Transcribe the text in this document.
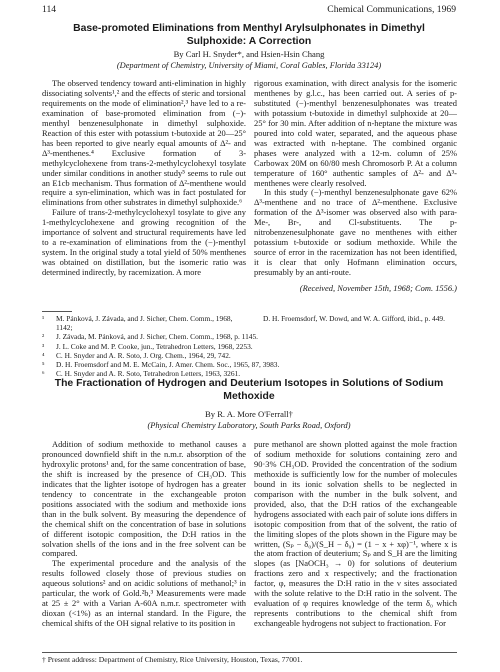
114	Chemical Communications, 1969
Base-promoted Eliminations from Menthyl Arylsulphonates in Dimethyl Sulphoxide: A Correction
By Carl H. Snyder*, and Hsien-Hsin Chang
(Department of Chemistry, University of Miami, Coral Gables, Florida 33124)

The observed tendency toward anti-elimination in highly dissociating solvents¹,² and the effects of steric and torsional requirements on the mode of elimination²,³ have led to a re-examination of base-promoted elimination from (−)-menthyl benzenesulphonate in dimethyl sulphoxide. Reaction of this ester with potassium t-butoxide at 20—25° has been reported to give nearly equal amounts of Δ²- and Δ³-menthenes.⁴ Exclusive formation of 3-methylcyclohexene from trans-2-methylcyclohexyl tosylate under similar conditions in another study⁵ seems to rule out an E1cb mechanism. Thus formation of Δ²-menthene would require a syn-elimination, which was in fact postulated for eliminations from other substrates in dimethyl sulphoxide.⁶

Failure of trans-2-methylcyclohexyl tosylate to give any 1-methylcyclohexene and growing recognition of the importance of solvent and structural requirements have led to a re-examination of eliminations from the (−)-menthyl system. In the original study a total yield of 50% menthenes was obtained on distillation, but the isomeric ratio was determined indirectly, by racemization. A more

rigorous examination, with direct analysis for the isomeric menthenes by g.l.c., has been carried out. A series of p-substituted (−)-menthyl benzenesulphonates was treated with potassium t-butoxide in dimethyl sulphoxide at 20—25° for 30 min. After addition of n-heptane the mixture was poured into cold water, separated, and the aqueous phase was extracted with n-heptane. The combined organic phases were analyzed with a 12-m. column of 25% Carbowax 20M on 60/80 mesh Chromosorb P. At a column temperature of 160° authentic samples of Δ²- and Δ³-menthenes were clearly resolved.

In this study (−)-menthyl benzenesulphonate gave 62% Δ³-menthene and no trace of Δ²-menthene. Exclusive formation of the Δ³-isomer was observed also with para-Me-, Br-, and Cl-substituents. The p-nitrobenzenesulphonate gave no menthenes with either potassium t-butoxide or sodium methoxide. While the source of error in the racemization has not been identified, it is clear that only Hofmann elimination occurs, presumably by an anti-route.

(Received, November 15th, 1968; Com. 1556.)

¹	M. Pánková, J. Závada, and J. Sicher, Chem. Comm., 1968, 1142;
D. H. Froemsdorf, W. Dowd, and W. A. Gifford, ibid., p. 449.
²	J. Závada, M. Pánková, and J. Sicher, Chem. Comm., 1968, p. 1145.
³	J. L. Coke and M. P. Cooke, jun., Tetrahedron Letters, 1968, 2253.
⁴	C. H. Snyder and A. R. Soto, J. Org. Chem., 1964, 29, 742.
⁵	D. H. Froemsdorf and M. E. McCain, J. Amer. Chem. Soc., 1965, 87, 3983.
⁶	C. H. Snyder and A. R. Soto, Tetrahedron Letters, 1963, 3261.
The Fractionation of Hydrogen and Deuterium Isotopes in Solutions of Sodium Methoxide
By R. A. More O'Ferrall†
(Physical Chemistry Laboratory, South Parks Road, Oxford)

Addition of sodium methoxide to methanol causes a pronounced downfield shift in the n.m.r. absorption of the hydroxylic protons¹ and, for the same concentration of base, the shift is increased by the presence of CH₃OD. This indicates that the lighter isotope of hydrogen has a greater tendency to concentrate in the exchangeable proton positions associated with the sodium and methoxide ions than in the bulk solvent. By measuring the dependence of the chemical shift on the concentration of base in solutions of different isotopic composition, the D:H ratios in the solvation shells of the ions and in the free solvent can be compared.

The experimental procedure and the analysis of the results followed closely those of previous studies on aqueous solutions² and on acidic solutions of methanol;³ in particular, the work of Gold.²b,³ Measurements were made at 25 ± 2° with a Varian A-60A n.m.r. spectrometer with dioxan (<1%) as an internal standard. In the Figure, the chemical shifts of the OH signal relative to its position in

pure methanol are shown plotted against the mole fraction of sodium methoxide for solutions containing zero and 90·3% CH₃OD. Provided the concentration of the sodium methoxide is sufficiently low for the number of molecules bound in its ionic solvation shells to be neglected in comparison with the number in the bulk solvent, and provided, also, that the D:H ratios of the exchangeable hydrogens associated with each pair of solute ions differs in isotopic composition from that of the solvent, the ratio of the limiting slopes of the plots shown in the Figure may be written, (Sₚ − δ₀)/(S_H − δ₀) = (1 − x + xφ)⁻¹, where x is the atom fraction of deuterium; Sₚ and S_H are the limiting slopes (as [NaOCH₃ → 0) for solutions of deuterium fractions zero and x respectively; and the fractionation factor, φ, measures the D:H ratio in the ν sites associated with the solute relative to the D:H ratio in the solvent. The evaluation of φ requires knowledge of the term δ₀ which represents contributions to the chemical shift from exchangeable hydrogens not subject to fractionation. For

† Present address: Department of Chemistry, Rice University, Houston, Texas, 77001.
